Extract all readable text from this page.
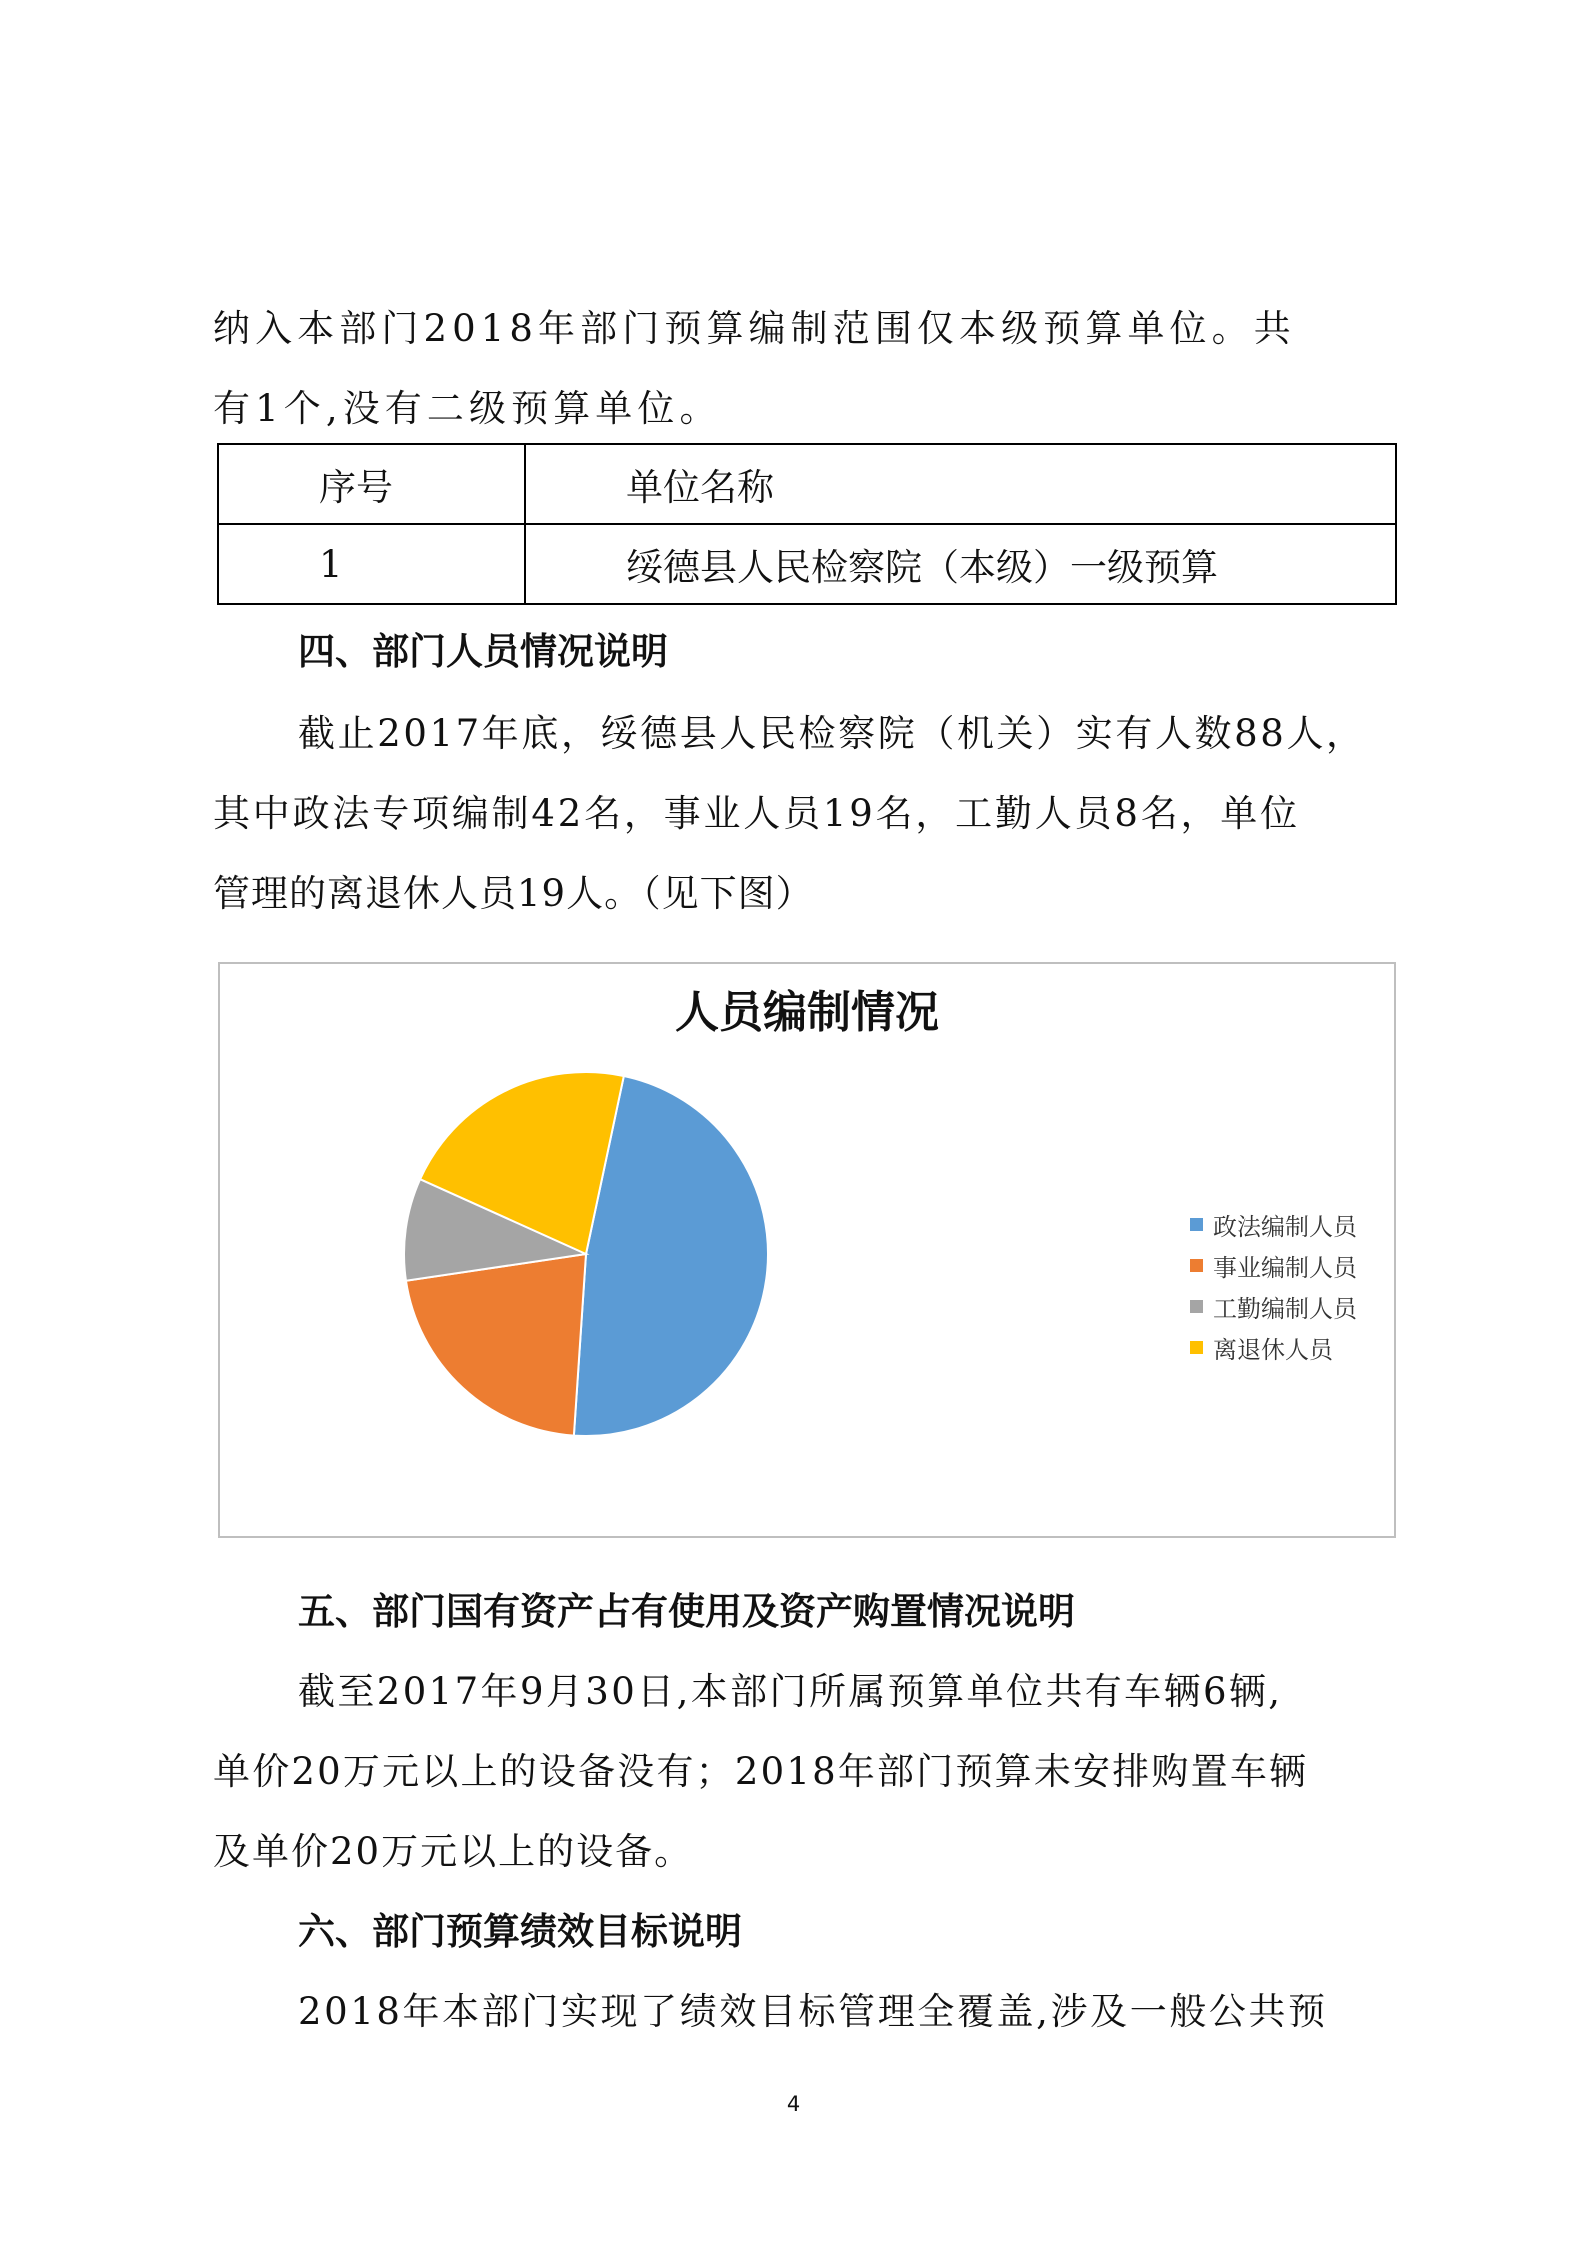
纳入本部门2018年部门预算编制范围仅本级预算单位。共

有1个,没有二级预算单位。

序号	单位名称
1	绥德县人民检察院（本级）一级预算
四、部门人员情况说明

截止2017年底，绥德县人民检察院（机关）实有人数88人，

其中政法专项编制42名，事业人员19名，工勤人员8名，单位

管理的离退休人员19人。（见下图）

人员编制情况
政法编制人员
事业编制人员
工勤编制人员
离退休人员
五、部门国有资产占有使用及资产购置情况说明

截至2017年9月30日,本部门所属预算单位共有车辆6辆,

单价20万元以上的设备没有；2018年部门预算未安排购置车辆

及单价20万元以上的设备。

六、部门预算绩效目标说明

2018年本部门实现了绩效目标管理全覆盖,涉及一般公共预

4
